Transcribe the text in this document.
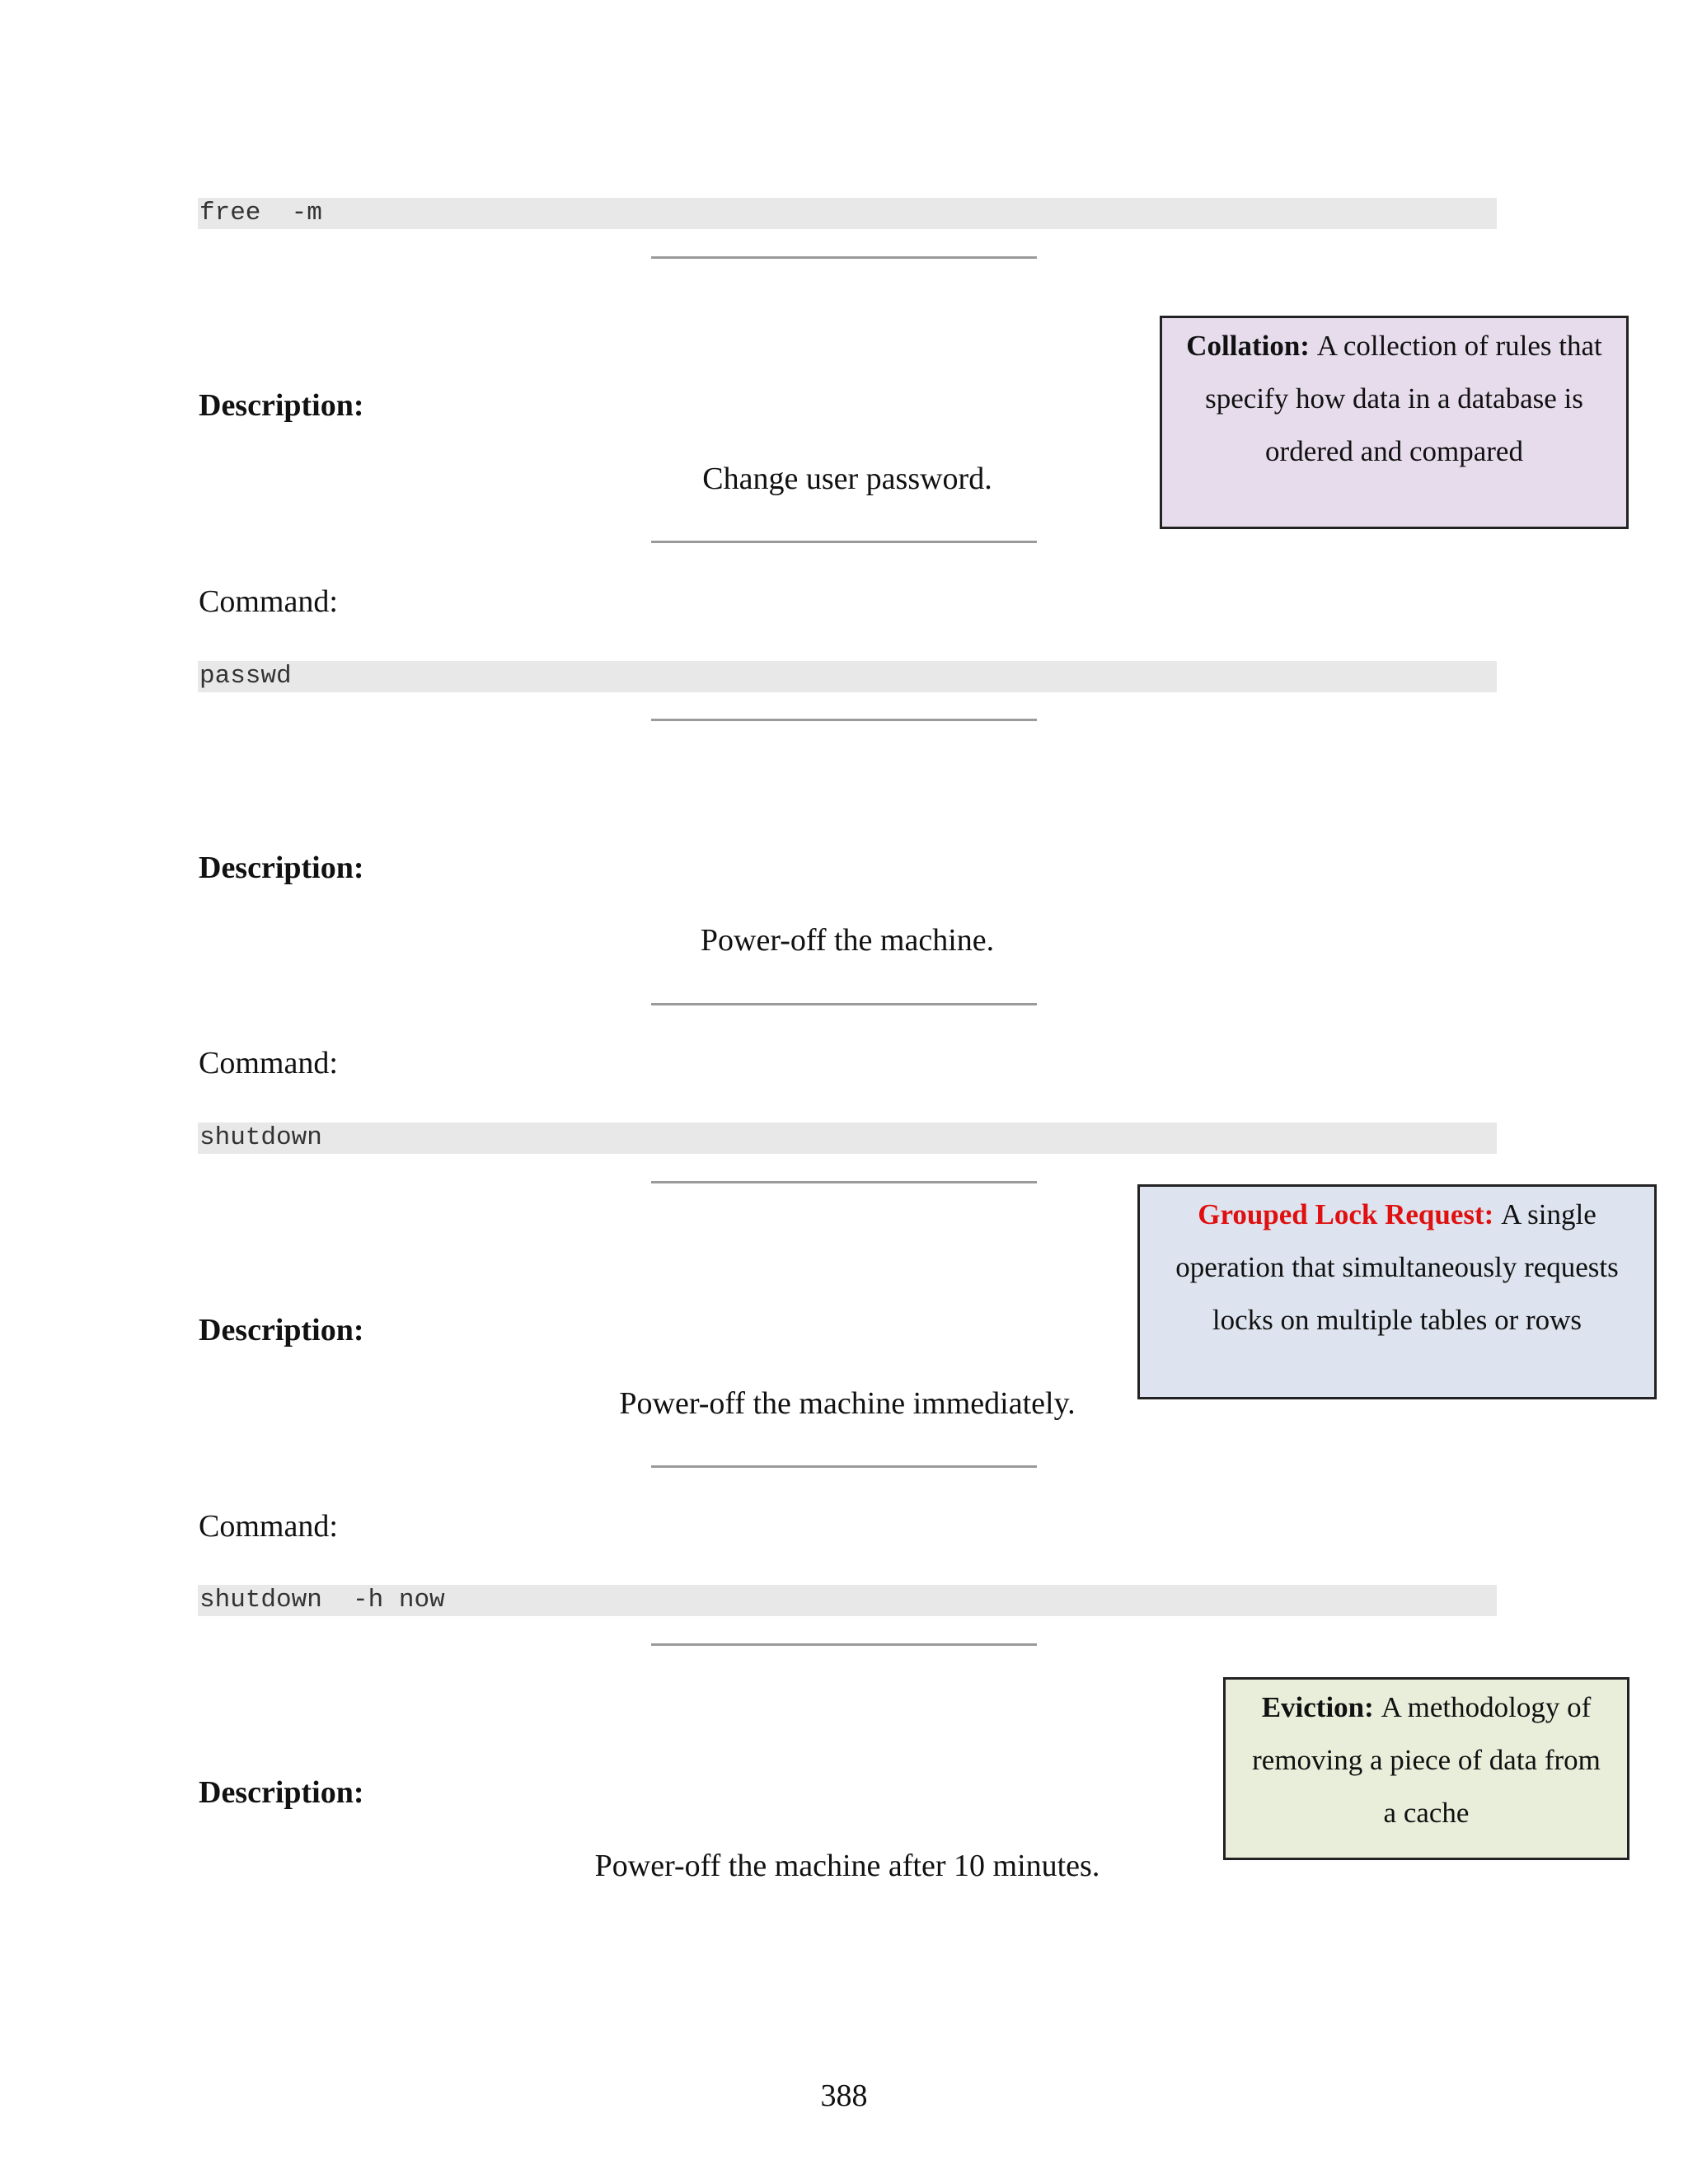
free  -m
Description:
Change user password.
Command:
passwd
Description:
Power-off the machine.
Command:
shutdown
Description:
Power-off the machine immediately.
Command:
shutdown  -h now
Description:
Power-off the machine after 10 minutes.
Collation: A collection of rules that specify how data in a database is ordered and compared
Grouped Lock Request: A single operation that simultaneously requests locks on multiple tables or rows
Eviction: A methodology of removing a piece of data from a cache
388
